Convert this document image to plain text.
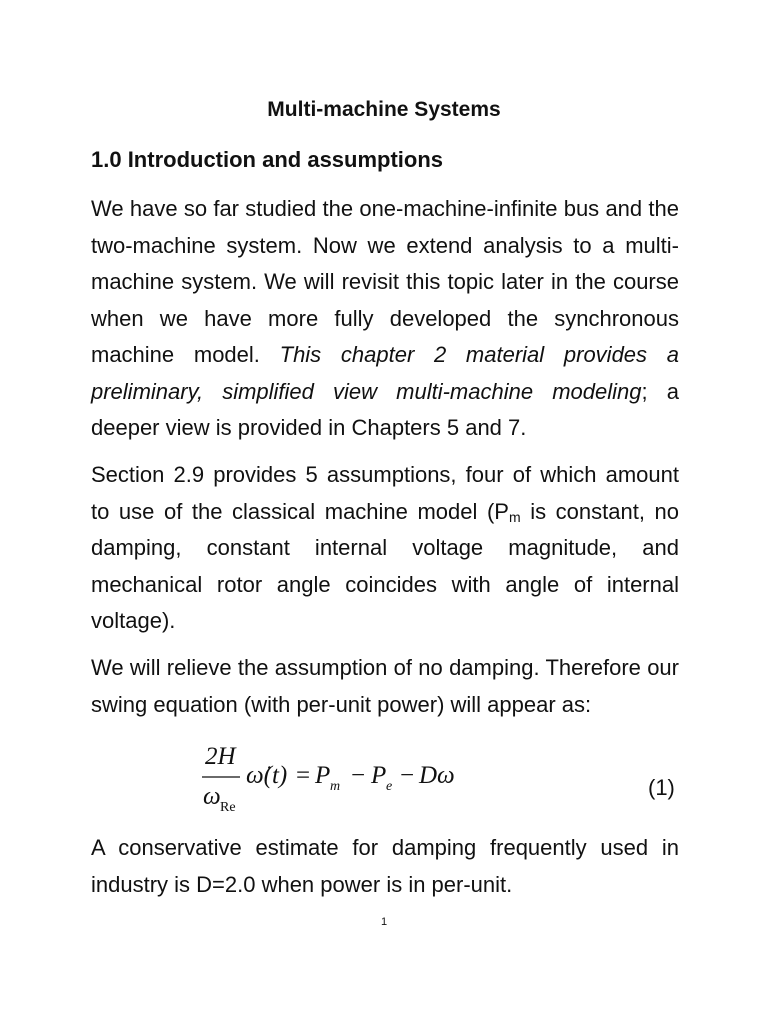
Multi-machine Systems
1.0 Introduction and assumptions

We have so far studied the one-machine-infinite bus and the two-machine system. Now we extend analysis to a multi-machine system. We will revisit this topic later in the course when we have more fully developed the synchronous machine model. This chapter 2 material provides a preliminary, simplified view multi-machine modeling; a deeper view is provided in Chapters 5 and 7.

Section 2.9 provides 5 assumptions, four of which amount to use of the classical machine model ($P_m$ is constant, no damping, constant internal voltage magnitude, and mechanical rotor angle coincides with angle of internal voltage).

We will relieve the assumption of no damping. Therefore our swing equation (with per-unit power) will appear as:

2H
ω Re
ω̇(t) = P m − P e − Dω	(1)

A conservative estimate for damping frequently used in industry is D=2.0 when power is in per-unit.

1
